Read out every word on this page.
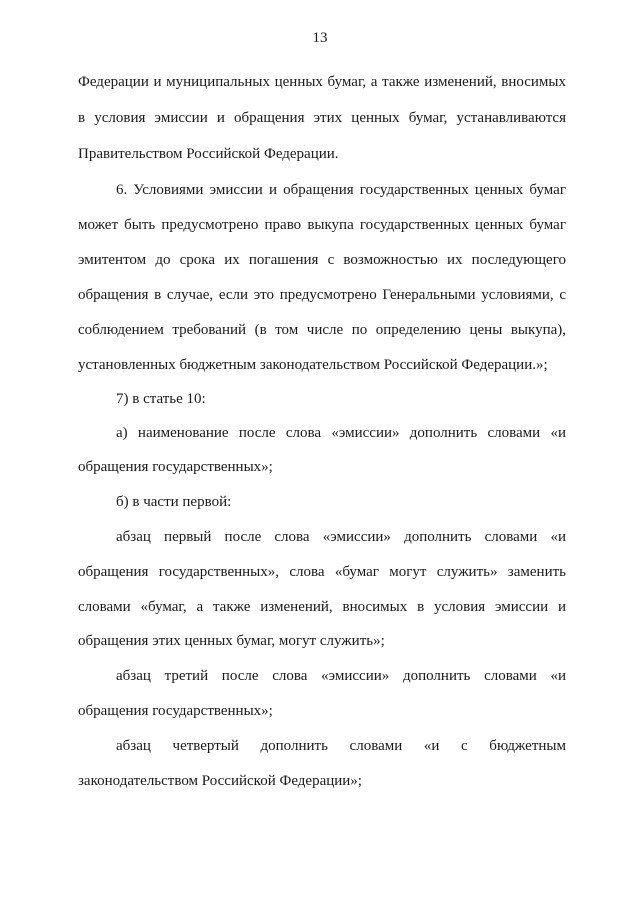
13
Федерации и муниципальных ценных бумаг, а также изменений, вносимых
в условия эмиссии и обращения этих ценных бумаг, устанавливаются
Правительством Российской Федерации.
6. Условиями эмиссии и обращения государственных ценных бумаг
может быть предусмотрено право выкупа государственных ценных бумаг
эмитентом до срока их погашения с возможностью их последующего
обращения в случае, если это предусмотрено Генеральными условиями, с
соблюдением требований (в том числе по определению цены выкупа),
установленных бюджетным законодательством Российской Федерации.»;
7) в статье 10:
а) наименование после слова «эмиссии» дополнить словами «и
обращения государственных»;
б) в части первой:
абзац первый после слова «эмиссии» дополнить словами «и
обращения государственных», слова «бумаг могут служить» заменить
словами «бумаг, а также изменений, вносимых в условия эмиссии и
обращения этих ценных бумаг, могут служить»;
абзац третий после слова «эмиссии» дополнить словами «и
обращения государственных»;
абзац четвертый дополнить словами «и с бюджетным
законодательством Российской Федерации»;
